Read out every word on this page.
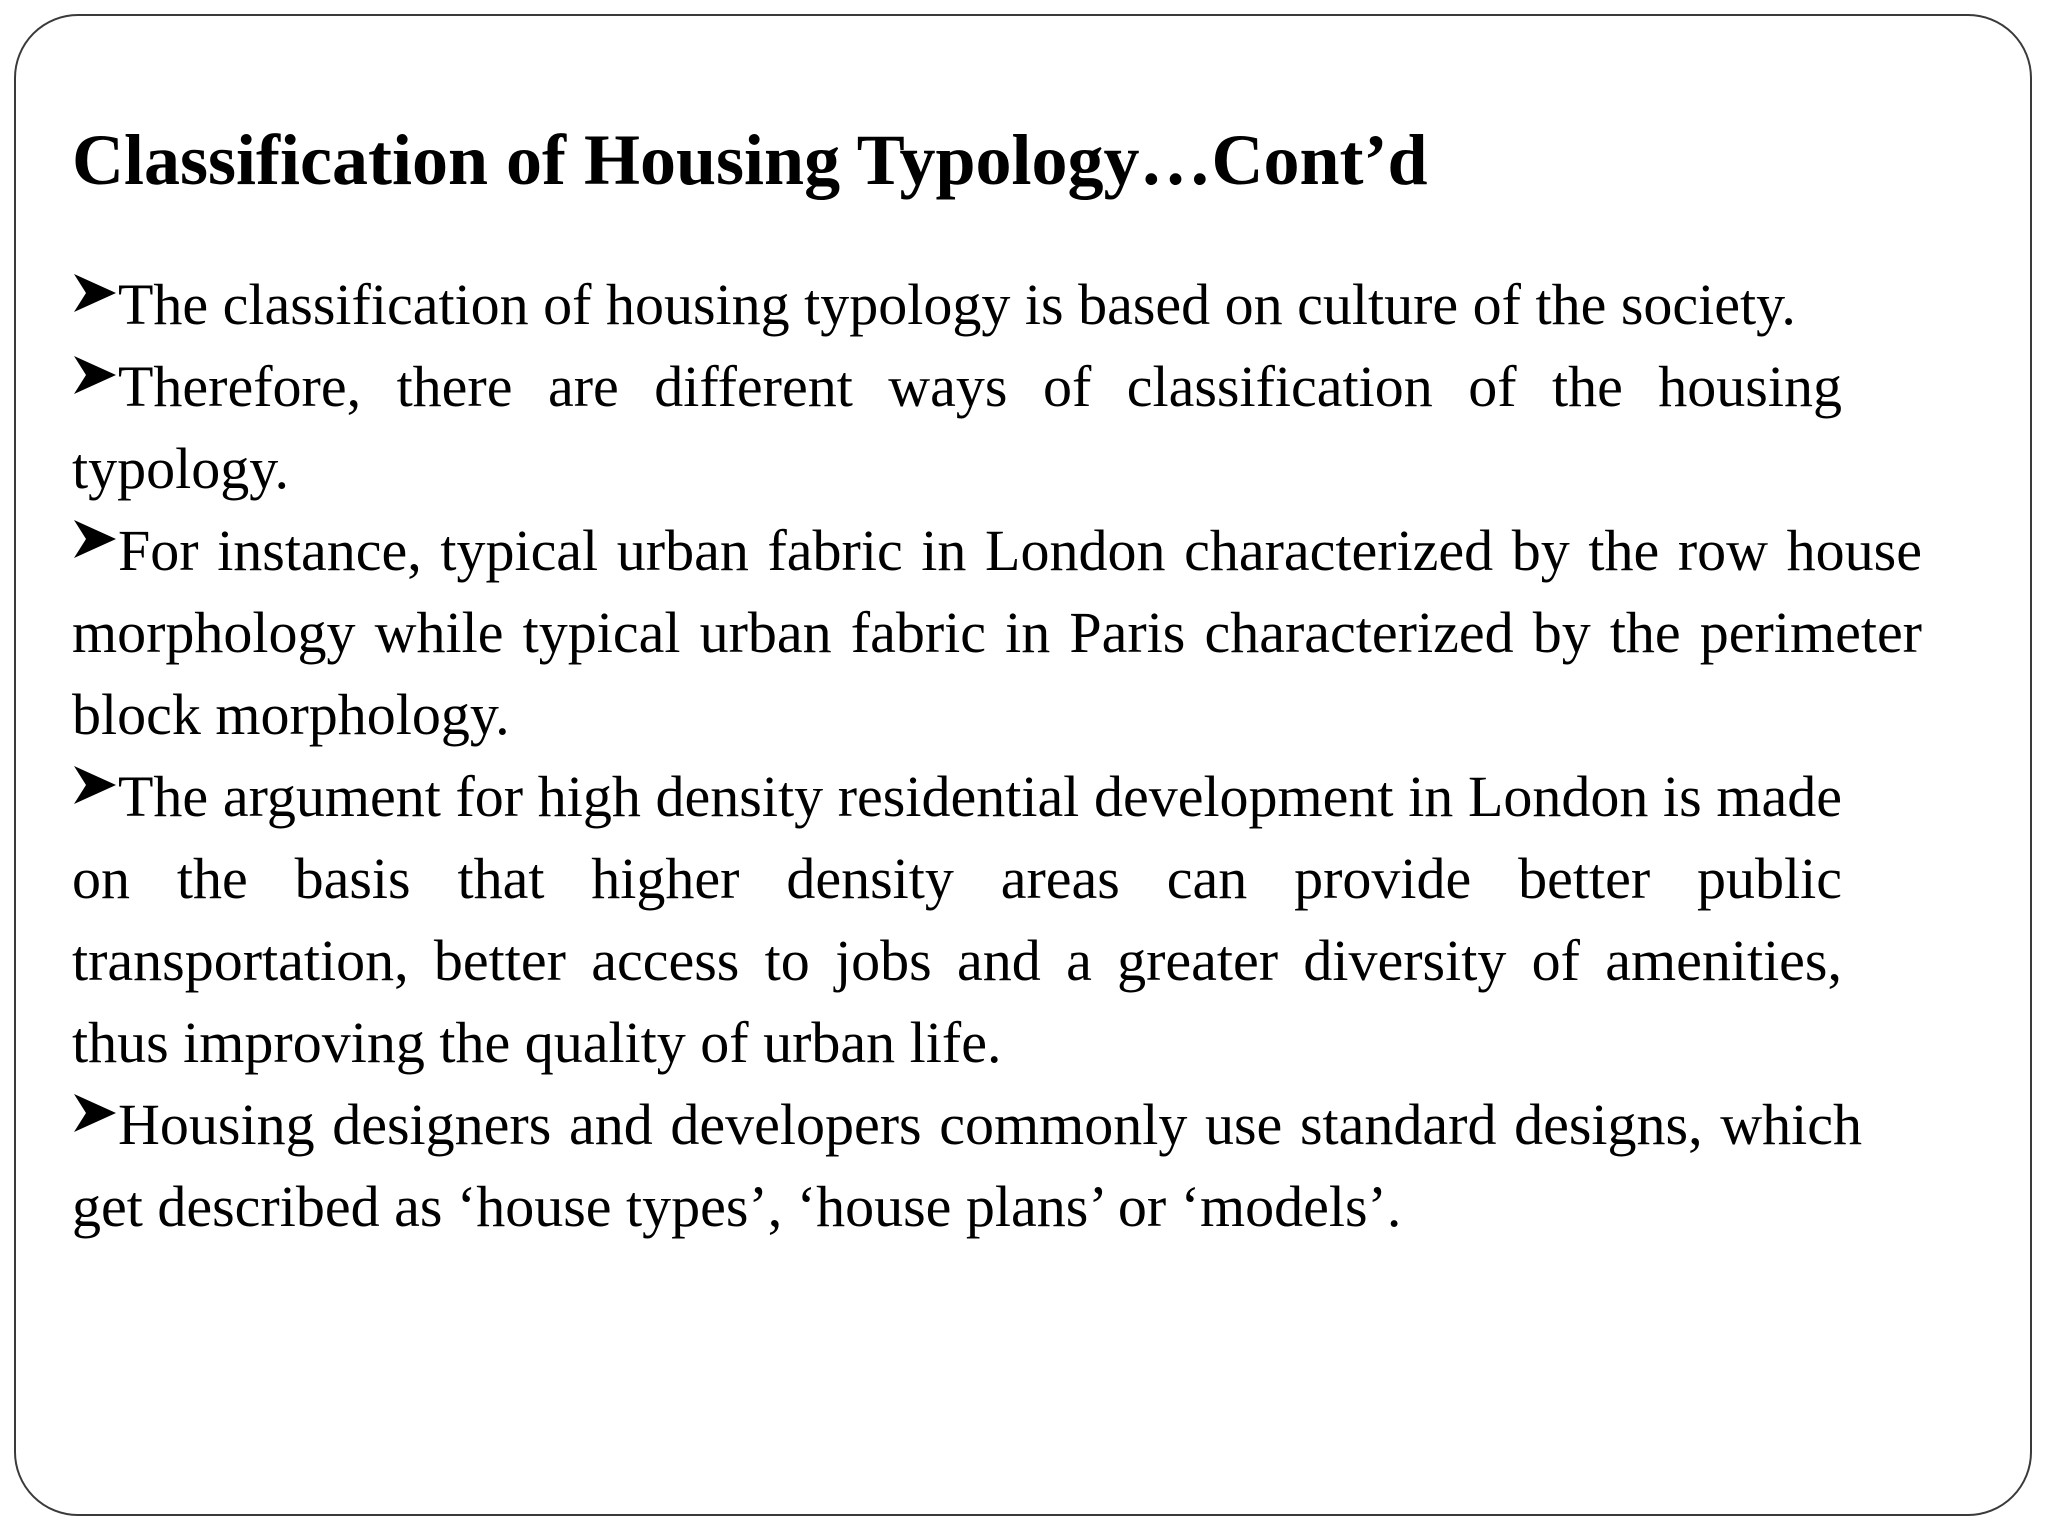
Classification of Housing Typology…Cont’d
The classification of housing typology is based on culture of the society.
Therefore, there are different ways of classification of the housing typology.
For instance, typical urban fabric in London characterized by the row house morphology while typical urban fabric in Paris characterized by the perimeter block morphology.
The argument for high density residential development in London is made on the basis that higher density areas can provide better public transportation, better access to jobs and a greater diversity of amenities, thus improving the quality of urban life.
Housing designers and developers commonly use standard designs, which get described as ‘house types’, ‘house plans’ or ‘models’.
